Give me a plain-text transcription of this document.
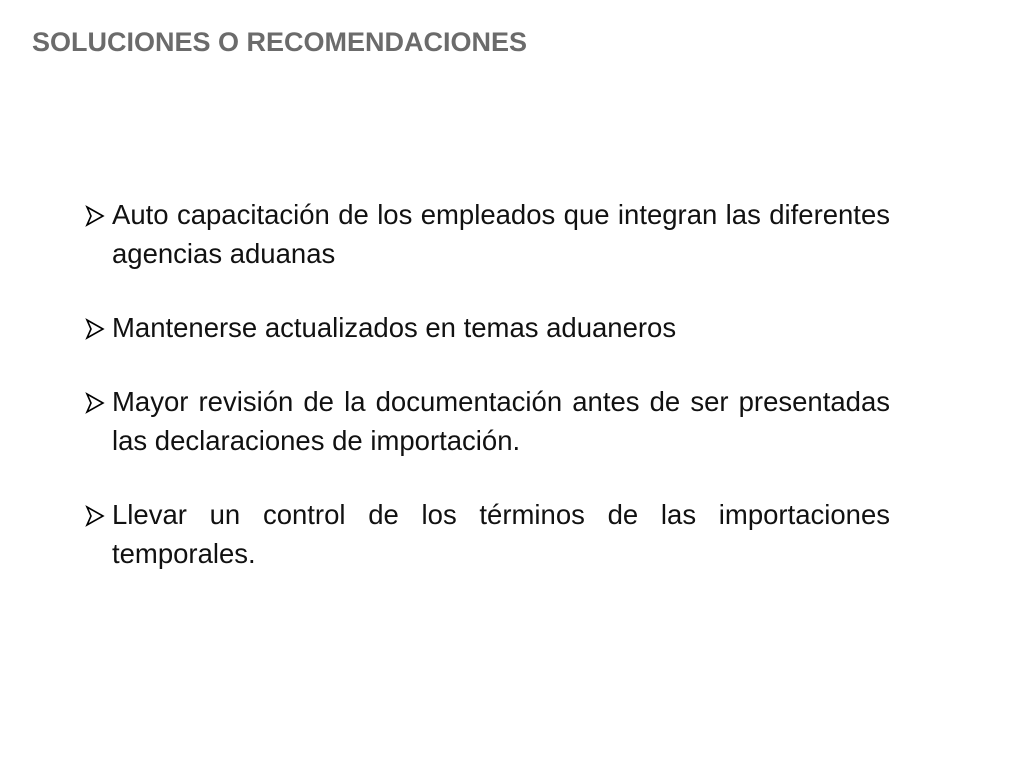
SOLUCIONES O RECOMENDACIONES
Auto capacitación de los empleados que integran las diferentes agencias aduanas
Mantenerse actualizados en temas aduaneros
Mayor revisión de la documentación antes de ser presentadas las declaraciones de importación.
Llevar un control de los términos de las importaciones temporales.
